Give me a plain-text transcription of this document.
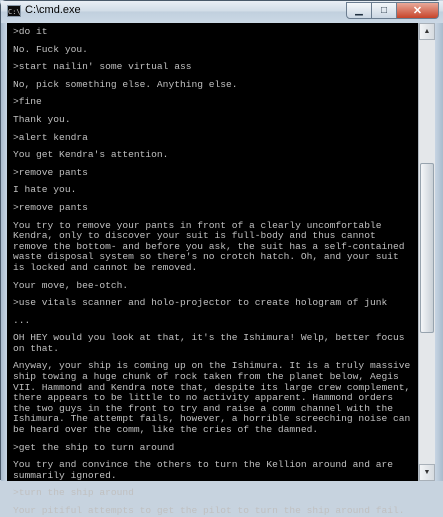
C:\ C:\cmd.exe	▁ □ ✕

>do it

No. Fuck you.

>start nailin' some virtual ass

No, pick something else. Anything else.

>fine

Thank you.

>alert kendra

You get Kendra's attention.

>remove pants

I hate you.

>remove pants

You try to remove your pants in front of a clearly uncomfortable Kendra, only to discover your suit is full-body and thus cannot remove the bottom- and before you ask, the suit has a self-contained waste disposal system so there's no crotch hatch. Oh, and your suit is locked and cannot be removed.

Your move, bee-otch.

>use vitals scanner and holo-projector to create hologram of junk

...

OH HEY would you look at that, it's the Ishimura! Welp, better focus on that.

Anyway, your ship is coming up on the Ishimura. It is a truly massive ship towing a huge chunk of rock taken from the planet below, Aegis VII. Hammond and Kendra note that, despite its large crew complement, there appears to be little to no activity apparent. Hammond orders the two guys in the front to try and raise a comm channel with the Ishimura. The attempt fails, however, a horrible screeching noise can be heard over the comm, like the cries of the damned.

>get the ship to turn around

You try and convince the others to turn the Kellion around and are summarily ignored.

>turn the ship around

Your pitiful attempts to get the pilot to turn the ship around fail.

▲
▼
